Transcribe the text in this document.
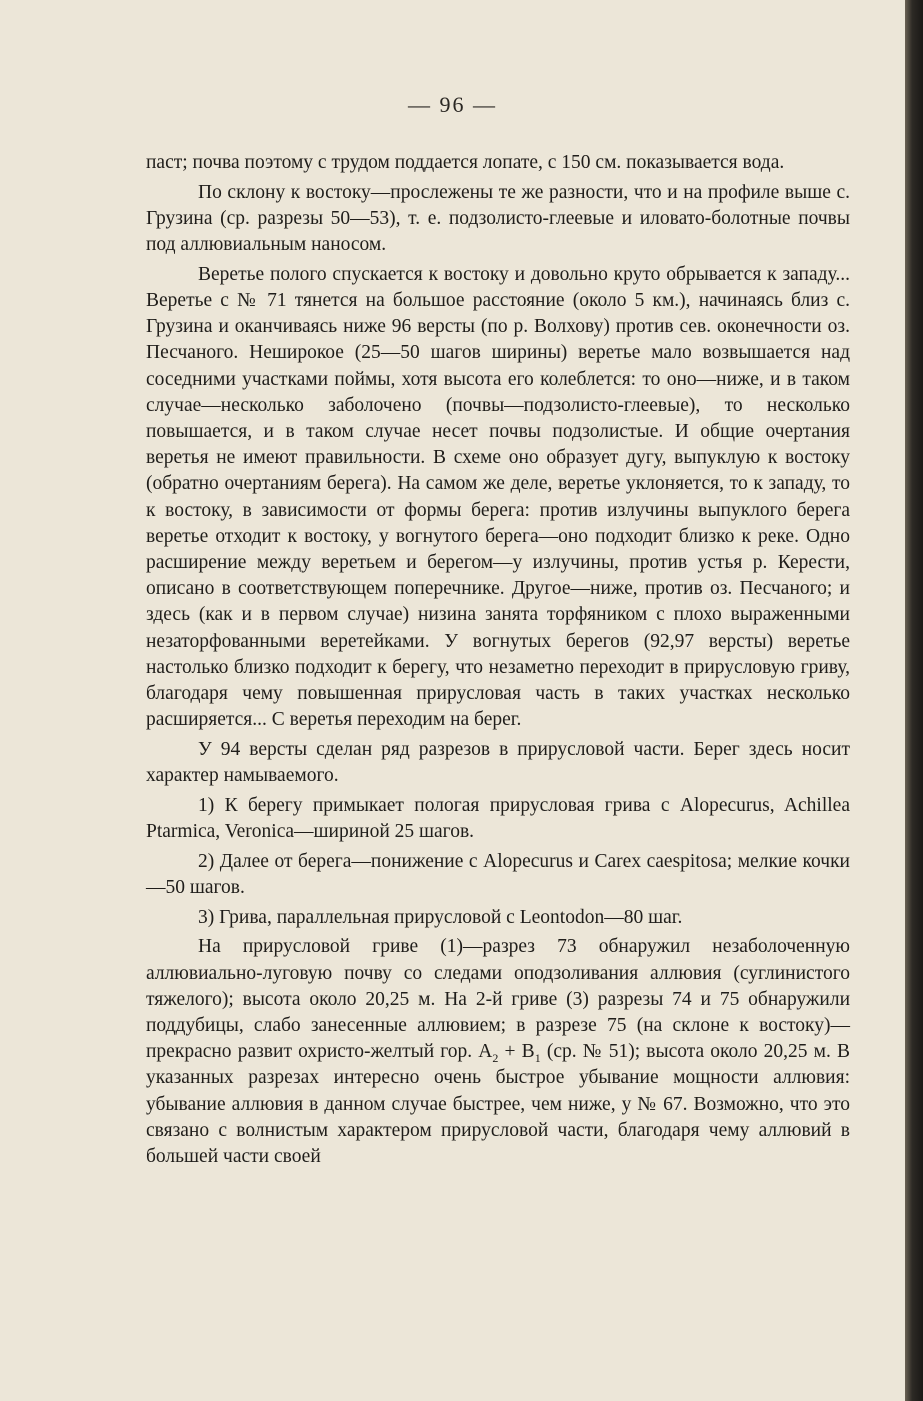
— 96 —

паст; почва поэтому с трудом поддается лопате, с 150 см. показывается вода.

По склону к востоку—прослежены те же разности, что и на профиле выше с. Грузина (ср. разрезы 50—53), т. е. подзолисто-глеевые и иловато-болотные почвы под аллювиальным наносом.

Веретье полого спускается к востоку и довольно круто обрывается к западу... Веретье с № 71 тянется на большое расстояние (около 5 км.), начинаясь близ с. Грузина и оканчиваясь ниже 96 версты (по р. Волхову) против сев. оконечности оз. Песчаного. Неширокое (25—50 шагов ширины) веретье мало возвышается над соседними участками поймы, хотя высота его колеблется: то оно—ниже, и в таком случае—несколько заболочено (почвы—подзолисто-глеевые), то несколько повышается, и в таком случае несет почвы подзолистые. И общие очертания веретья не имеют правильности. В схеме оно образует дугу, выпуклую к востоку (обратно очертаниям берега). На самом же деле, веретье уклоняется, то к западу, то к востоку, в зависимости от формы берега: против излучины выпуклого берега веретье отходит к востоку, у вогнутого берега—оно подходит близко к реке. Одно расширение между веретьем и берегом—у излучины, против устья р. Керести, описано в соответствующем поперечнике. Другое—ниже, против оз. Песчаного; и здесь (как и в первом случае) низина занята торфяником с плохо выраженными незаторфованными веретейками. У вогнутых берегов (92,97 версты) веретье настолько близко подходит к берегу, что незаметно переходит в прирусловую гриву, благодаря чему повышенная прирусловая часть в таких участках несколько расширяется... С веретья переходим на берег.

У 94 версты сделан ряд разрезов в прирусловой части. Берег здесь носит характер намываемого.

1) К берегу примыкает пологая прирусловая грива с Alopecurus, Achillea Ptarmica, Veronica—шириной 25 шагов.

2) Далее от берега—понижение с Alopecurus и Carex caespitosa; мелкие кочки—50 шагов.

3) Грива, параллельная прирусловой с Leontodon—80 шаг.

На прирусловой гриве (1)—разрез 73 обнаружил незаболоченную аллювиально-луговую почву со следами оподзоливания аллювия (суглинистого тяжелого); высота около 20,25 м. На 2-й гриве (3) разрезы 74 и 75 обнаружили поддубицы, слабо занесенные аллювием; в разрезе 75 (на склоне к востоку)—прекрасно развит охристо-желтый гор. $A_2 + B_1$ (ср. № 51); высота около 20,25 м. В указанных разрезах интересно очень быстрое убывание мощности аллювия: убывание аллювия в данном случае быстрее, чем ниже, у № 67. Возможно, что это связано с волнистым характером прирусловой части, благодаря чему аллювий в большей части своей
